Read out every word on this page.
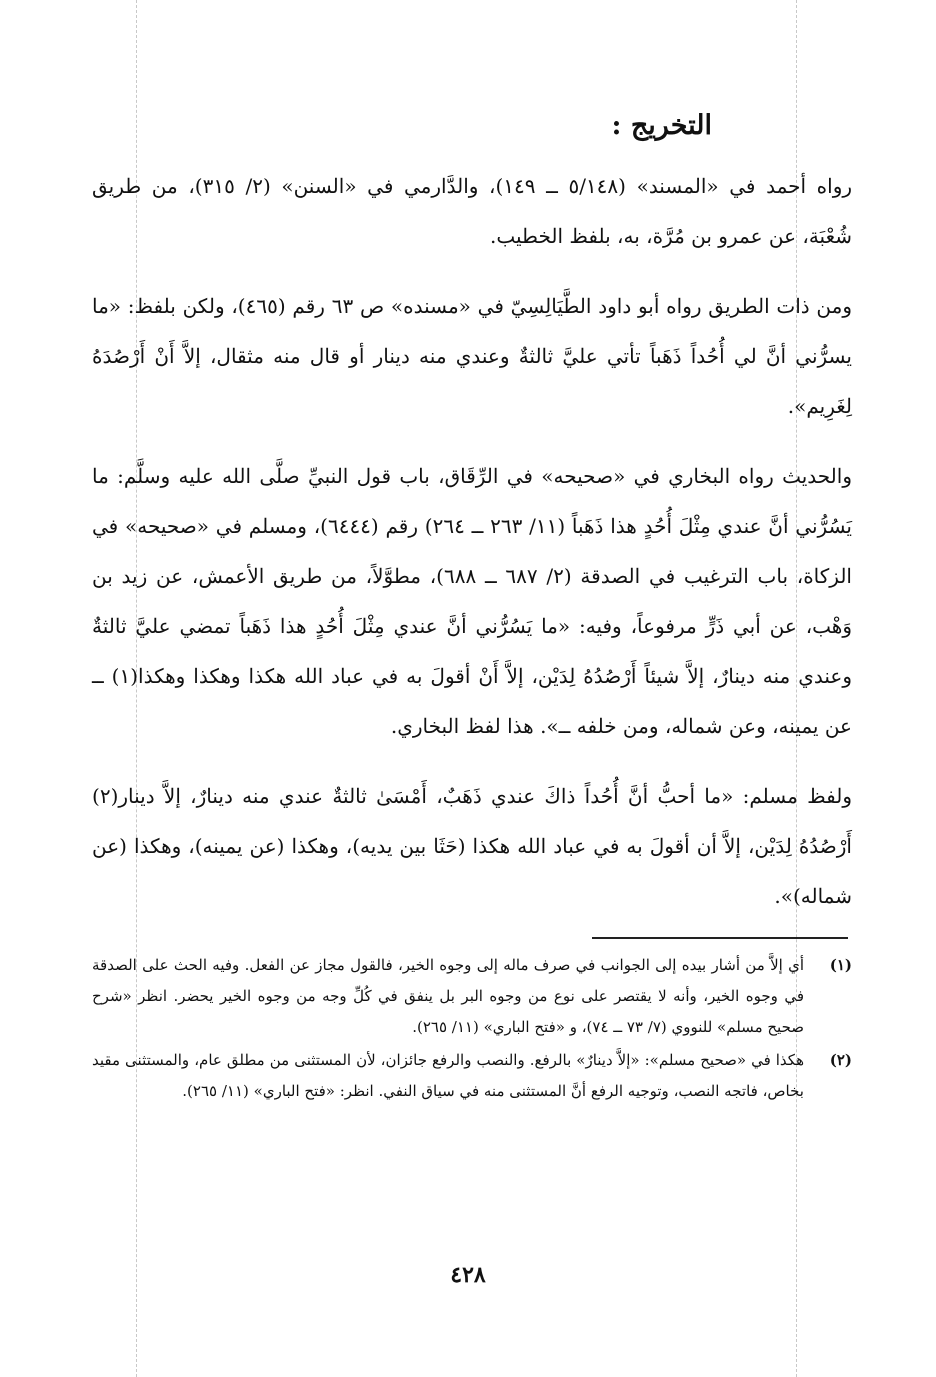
التخريج :

رواه أحمد في «المسند» (٥/١٤٨ ــ ١٤٩)، والدَّارمي في «السنن» (٢/ ٣١٥)، من طريق شُعْبَة، عن عمرو بن مُرَّة، به، بلفظ الخطيب.

ومن ذات الطريق رواه أبو داود الطَّيَالِسِيّ في «مسنده» ص ٦٣ رقم (٤٦٥)، ولكن بلفظ: «ما يسرُّني أنَّ لي أُحُداً ذَهَباً تأتي عليَّ ثالثةٌ وعندي منه دينار أو قال منه مثقال، إلاَّ أَنْ أَرْصُدَهُ لِغَرِيم».

والحديث رواه البخاري في «صحيحه» في الرِّقَاق، باب قول النبيِّ صلَّى الله عليه وسلَّم: ما يَسُرُّني أنَّ عندي مِثْلَ أُحُدٍ هذا ذَهَباً (١١/ ٢٦٣ ــ ٢٦٤) رقم (٦٤٤٤)، ومسلم في «صحيحه» في الزكاة، باب الترغيب في الصدقة (٢/ ٦٨٧ ــ ٦٨٨)، مطوَّلاً، من طريق الأعمش، عن زيد بن وَهْب، عن أبي ذَرٍّ مرفوعاً، وفيه: «ما يَسُرُّني أنَّ عندي مِثْلَ أُحُدٍ هذا ذَهَباً تمضي عليَّ ثالثةٌ وعندي منه دينارٌ، إلاَّ شيئاً أَرْصُدُهُ لِدَيْن، إلاَّ أَنْ أقولَ به في عباد الله هكذا وهكذا وهكذا(١) ــ عن يمينه، وعن شماله، ومن خلفه ــ». هذا لفظ البخاري.

ولفظ مسلم: «ما أحبُّ أنَّ أُحُداً ذاكَ عندي ذَهَبٌ، أَمْسَىٰ ثالثةٌ عندي منه دينارٌ، إلاَّ دينار(٢) أَرْصُدُهُ لِدَيْن، إلاَّ أن أقولَ به في عباد الله هكذا (حَثَا بين يديه)، وهكذا (عن يمينه)، وهكذا (عن شماله)».

(١)
أي إلاَّ من أشار بيده إلى الجوانب في صرف ماله إلى وجوه الخير، فالقول مجاز عن الفعل. وفيه الحث على الصدقة في وجوه الخير، وأنه لا يقتصر على نوع من وجوه البر بل ينفق في كُلِّ وجه من وجوه الخير يحضر. انظر «شرح صحيح مسلم» للنووي (٧/ ٧٣ ــ ٧٤)، و «فتح الباري» (١١/ ٢٦٥).
(٢)
هكذا في «صحيح مسلم»: «إلاَّ دينارٌ» بالرفع. والنصب والرفع جائزان، لأن المستثنى من مطلق عام، والمستثنى مقيد بخاص، فاتجه النصب، وتوجيه الرفع أنَّ المستثنى منه في سياق النفي. انظر: «فتح الباري» (١١/ ٢٦٥).
٤٢٨
